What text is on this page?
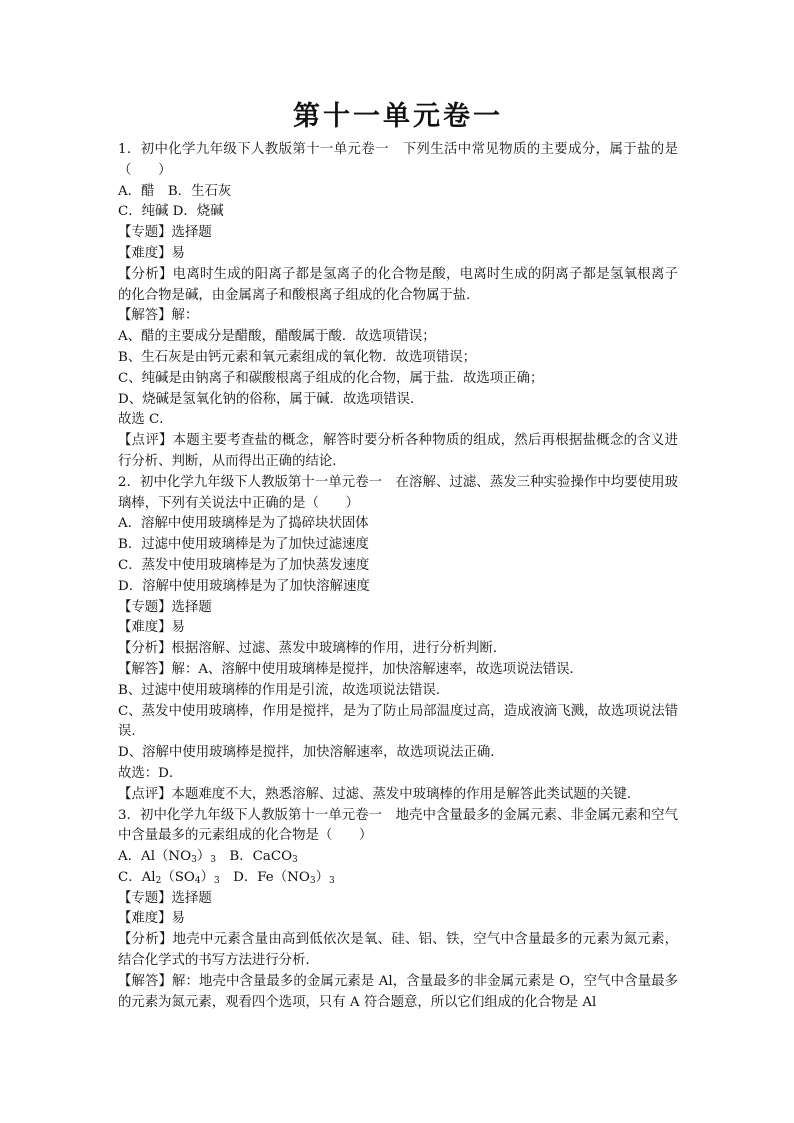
第十一单元卷一
1．初中化学九年级下人教版第十一单元卷一　下列生活中常见物质的主要成分，属于盐的是（　　）
A．醋　B．生石灰
C．纯碱 D．烧碱
【专题】选择题
【难度】易
【分析】电离时生成的阳离子都是氢离子的化合物是酸，电离时生成的阴离子都是氢氧根离子的化合物是碱，由金属离子和酸根离子组成的化合物属于盐．
【解答】解：
A、醋的主要成分是醋酸，醋酸属于酸．故选项错误；
B、生石灰是由钙元素和氧元素组成的氧化物．故选项错误；
C、纯碱是由钠离子和碳酸根离子组成的化合物，属于盐．故选项正确；
D、烧碱是氢氧化钠的俗称，属于碱．故选项错误．
故选 C．
【点评】本题主要考查盐的概念，解答时要分析各种物质的组成，然后再根据盐概念的含义进行分析、判断，从而得出正确的结论．
2．初中化学九年级下人教版第十一单元卷一　在溶解、过滤、蒸发三种实验操作中均要使用玻璃棒，下列有关说法中正确的是（　　）
A．溶解中使用玻璃棒是为了捣碎块状固体
B．过滤中使用玻璃棒是为了加快过滤速度
C．蒸发中使用玻璃棒是为了加快蒸发速度
D．溶解中使用玻璃棒是为了加快溶解速度
【专题】选择题
【难度】易
【分析】根据溶解、过滤、蒸发中玻璃棒的作用，进行分析判断．
【解答】解：A、溶解中使用玻璃棒是搅拌，加快溶解速率，故选项说法错误．
B、过滤中使用玻璃棒的作用是引流，故选项说法错误．
C、蒸发中使用玻璃棒，作用是搅拌，是为了防止局部温度过高，造成液滴飞溅，故选项说法错误．
D、溶解中使用玻璃棒是搅拌，加快溶解速率，故选项说法正确．
故选：D．
【点评】本题难度不大，熟悉溶解、过滤、蒸发中玻璃棒的作用是解答此类试题的关键．
3．初中化学九年级下人教版第十一单元卷一　地壳中含量最多的金属元素、非金属元素和空气中含量最多的元素组成的化合物是（　　）
A．$Al(NO_3)_3$　B．CaCO$_3$
C．$Al_2(SO_4)_3$　D．$Fe(NO_3)_3$
【专题】选择题
【难度】易
【分析】地壳中元素含量由高到低依次是氧、硅、铝、铁，空气中含量最多的元素为氮元素，结合化学式的书写方法进行分析．
【解答】解：地壳中含量最多的金属元素是 Al，含量最多的非金属元素是 O，空气中含量最多的元素为氮元素，观看四个选项，只有 A 符合题意，所以它们组成的化合物是 Al
